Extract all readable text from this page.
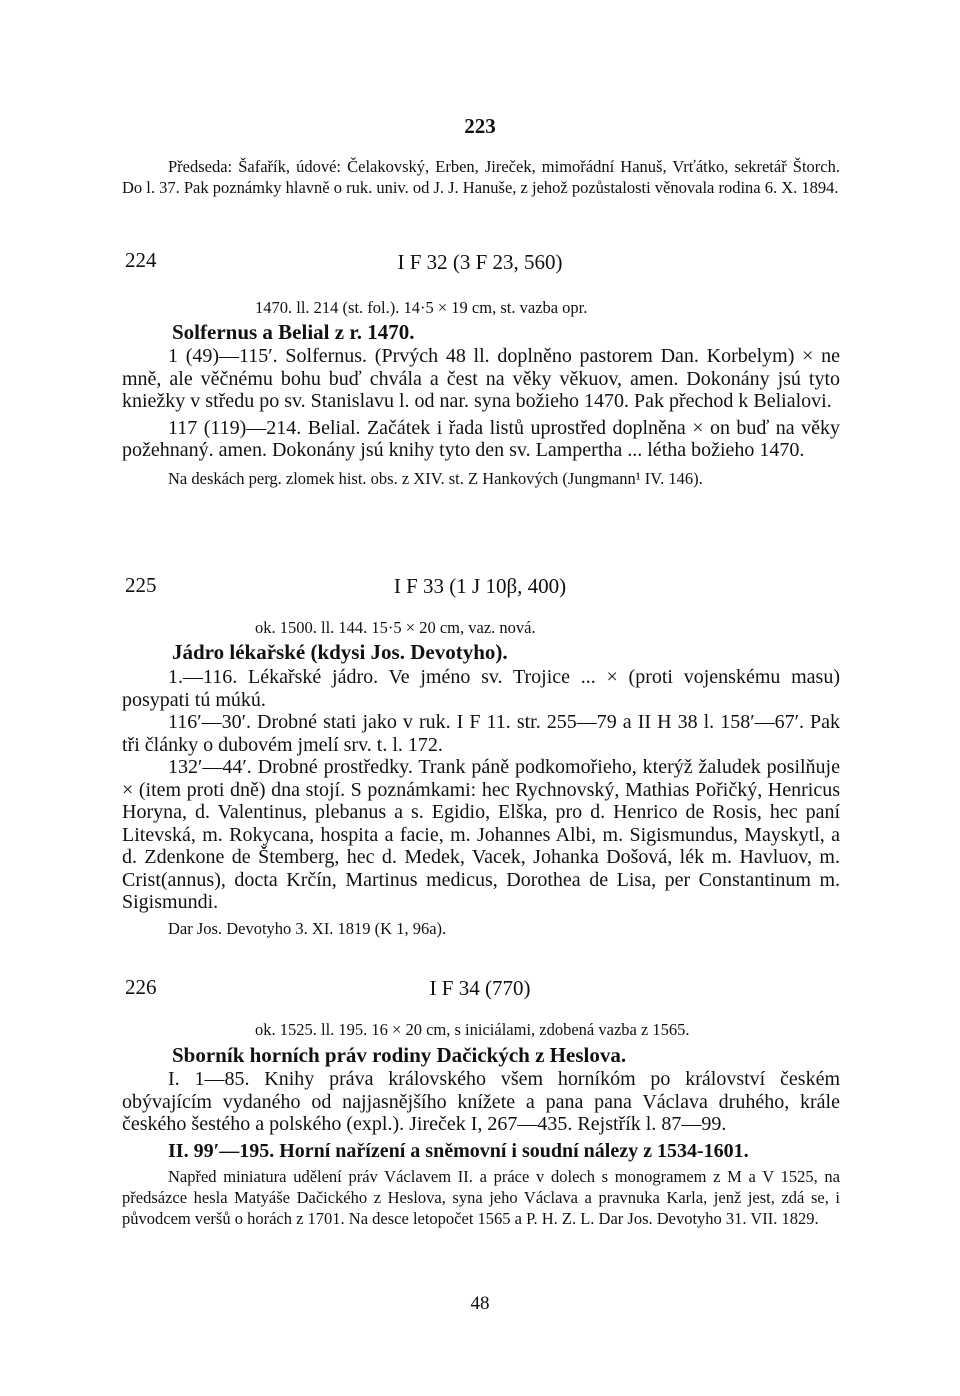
223

Předseda: Šafařík, údové: Čelakovský, Erben, Jireček, mimořádní Hanuš, Vrťátko, sekretář Štorch. Do l. 37. Pak poznámky hlavně o ruk. univ. od J. J. Hanuše, z jehož pozůstalosti věnovala rodina 6. X. 1894.

224	I F 32 (3 F 23, 560)
1470. ll. 214 (st. fol.). 14·5 × 19 cm, st. vazba opr.
Solfernus a Belial z r. 1470.

1 (49)—115′. Solfernus. (Prvých 48 ll. doplněno pastorem Dan. Korbelym) × ne mně, ale věčnému bohu buď chvála a čest na věky věkuov, amen. Dokonány jsú tyto kniežky v středu po sv. Stanislavu l. od nar. syna božieho 1470. Pak přechod k Belialovi.

117 (119)—214. Belial. Začátek i řada listů uprostřed doplněna × on buď na věky požehnaný. amen. Dokonány jsú knihy tyto den sv. Lampertha ... létha božieho 1470.

Na deskách perg. zlomek hist. obs. z XIV. st. Z Hankových (Jungmann¹ IV. 146).

225	I F 33 (1 J 10β, 400)
ok. 1500. ll. 144. 15·5 × 20 cm, vaz. nová.
Jádro lékařské (kdysi Jos. Devotyho).

1.—116. Lékařské jádro. Ve jméno sv. Trojice ... × (proti vojenskému masu) posypati tú múkú.

116′—30′. Drobné stati jako v ruk. I F 11. str. 255—79 a II H 38 l. 158′—67′. Pak tři články o dubovém jmelí srv. t. l. 172.

132′—44′. Drobné prostředky. Trank páně podkomořieho, kterýž žaludek posilňuje × (item proti dně) dna stojí. S poznámkami: hec Rychnovský, Mathias Pořičký, Henricus Horyna, d. Valentinus, plebanus a s. Egidio, Elška, pro d. Henrico de Rosis, hec paní Litevská, m. Rokycana, hospita a facie, m. Johannes Albi, m. Sigismundus, Mayskytl, a d. Zdenkone de Štemberg, hec d. Medek, Vacek, Johanka Došová, lék m. Havluov, m. Crist(annus), docta Krčín, Martinus medicus, Dorothea de Lisa, per Constantinum m. Sigismundi.

Dar Jos. Devotyho 3. XI. 1819 (K 1, 96a).

226	I F 34 (770)
ok. 1525. ll. 195. 16 × 20 cm, s iniciálami, zdobená vazba z 1565.
Sborník horních práv rodiny Dačických z Heslova.

I. 1—85. Knihy práva královského všem horníkóm po království českém obývajícím vydaného od najjasnějšího knížete a pana pana Václava druhého, krále českého šestého a polského (expl.). Jireček I, 267—435. Rejstřík l. 87—99.

II. 99′—195. Horní nařízení a sněmovní i soudní nálezy z 1534-1601.

Napřed miniatura udělení práv Václavem II. a práce v dolech s monogramem z M a V 1525, na předsázce hesla Matyáše Dačického z Heslova, syna jeho Václava a pravnuka Karla, jenž jest, zdá se, i původcem veršů o horách z 1701. Na desce letopočet 1565 a P. H. Z. L. Dar Jos. Devotyho 31. VII. 1829.

48
